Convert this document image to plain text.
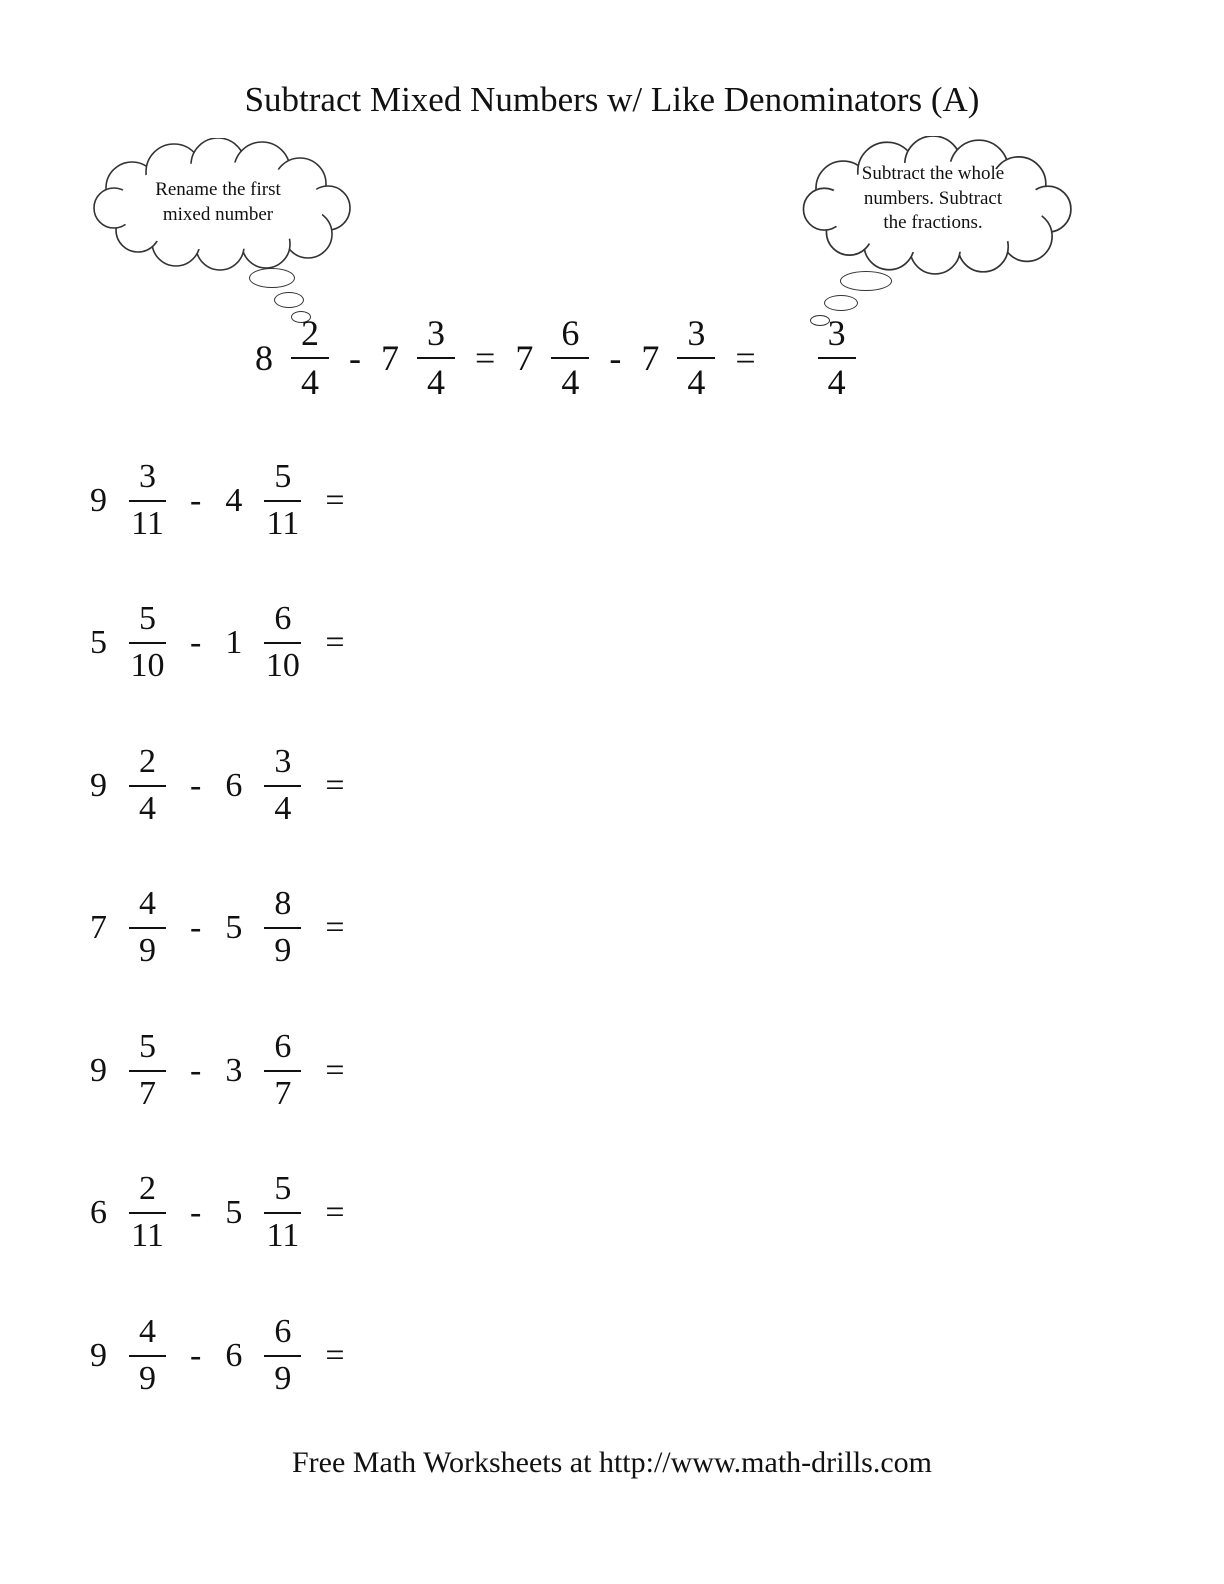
Subtract Mixed Numbers w/ Like Denominators (A)
Rename the first
mixed number
Subtract the whole
numbers. Subtract
the fractions.
$8 \frac{2}{4} - 7 \frac{3}{4} = 7 \frac{6}{4} - 7 \frac{3}{4} = \frac{3}{4}$
$9 \frac{3}{11} - 4 \frac{5}{11}$ =
$5 \frac{5}{10} - 1 \frac{6}{10}$ =
$9 \frac{2}{4} - 6 \frac{3}{4}$ =
$7 \frac{4}{9} - 5 \frac{8}{9}$ =
$9 \frac{5}{7} - 3 \frac{6}{7}$ =
$6 \frac{2}{11} - 5 \frac{5}{11}$ =
$9 \frac{4}{9} - 6 \frac{6}{9}$ =
Free Math Worksheets at http://www.math-drills.com
